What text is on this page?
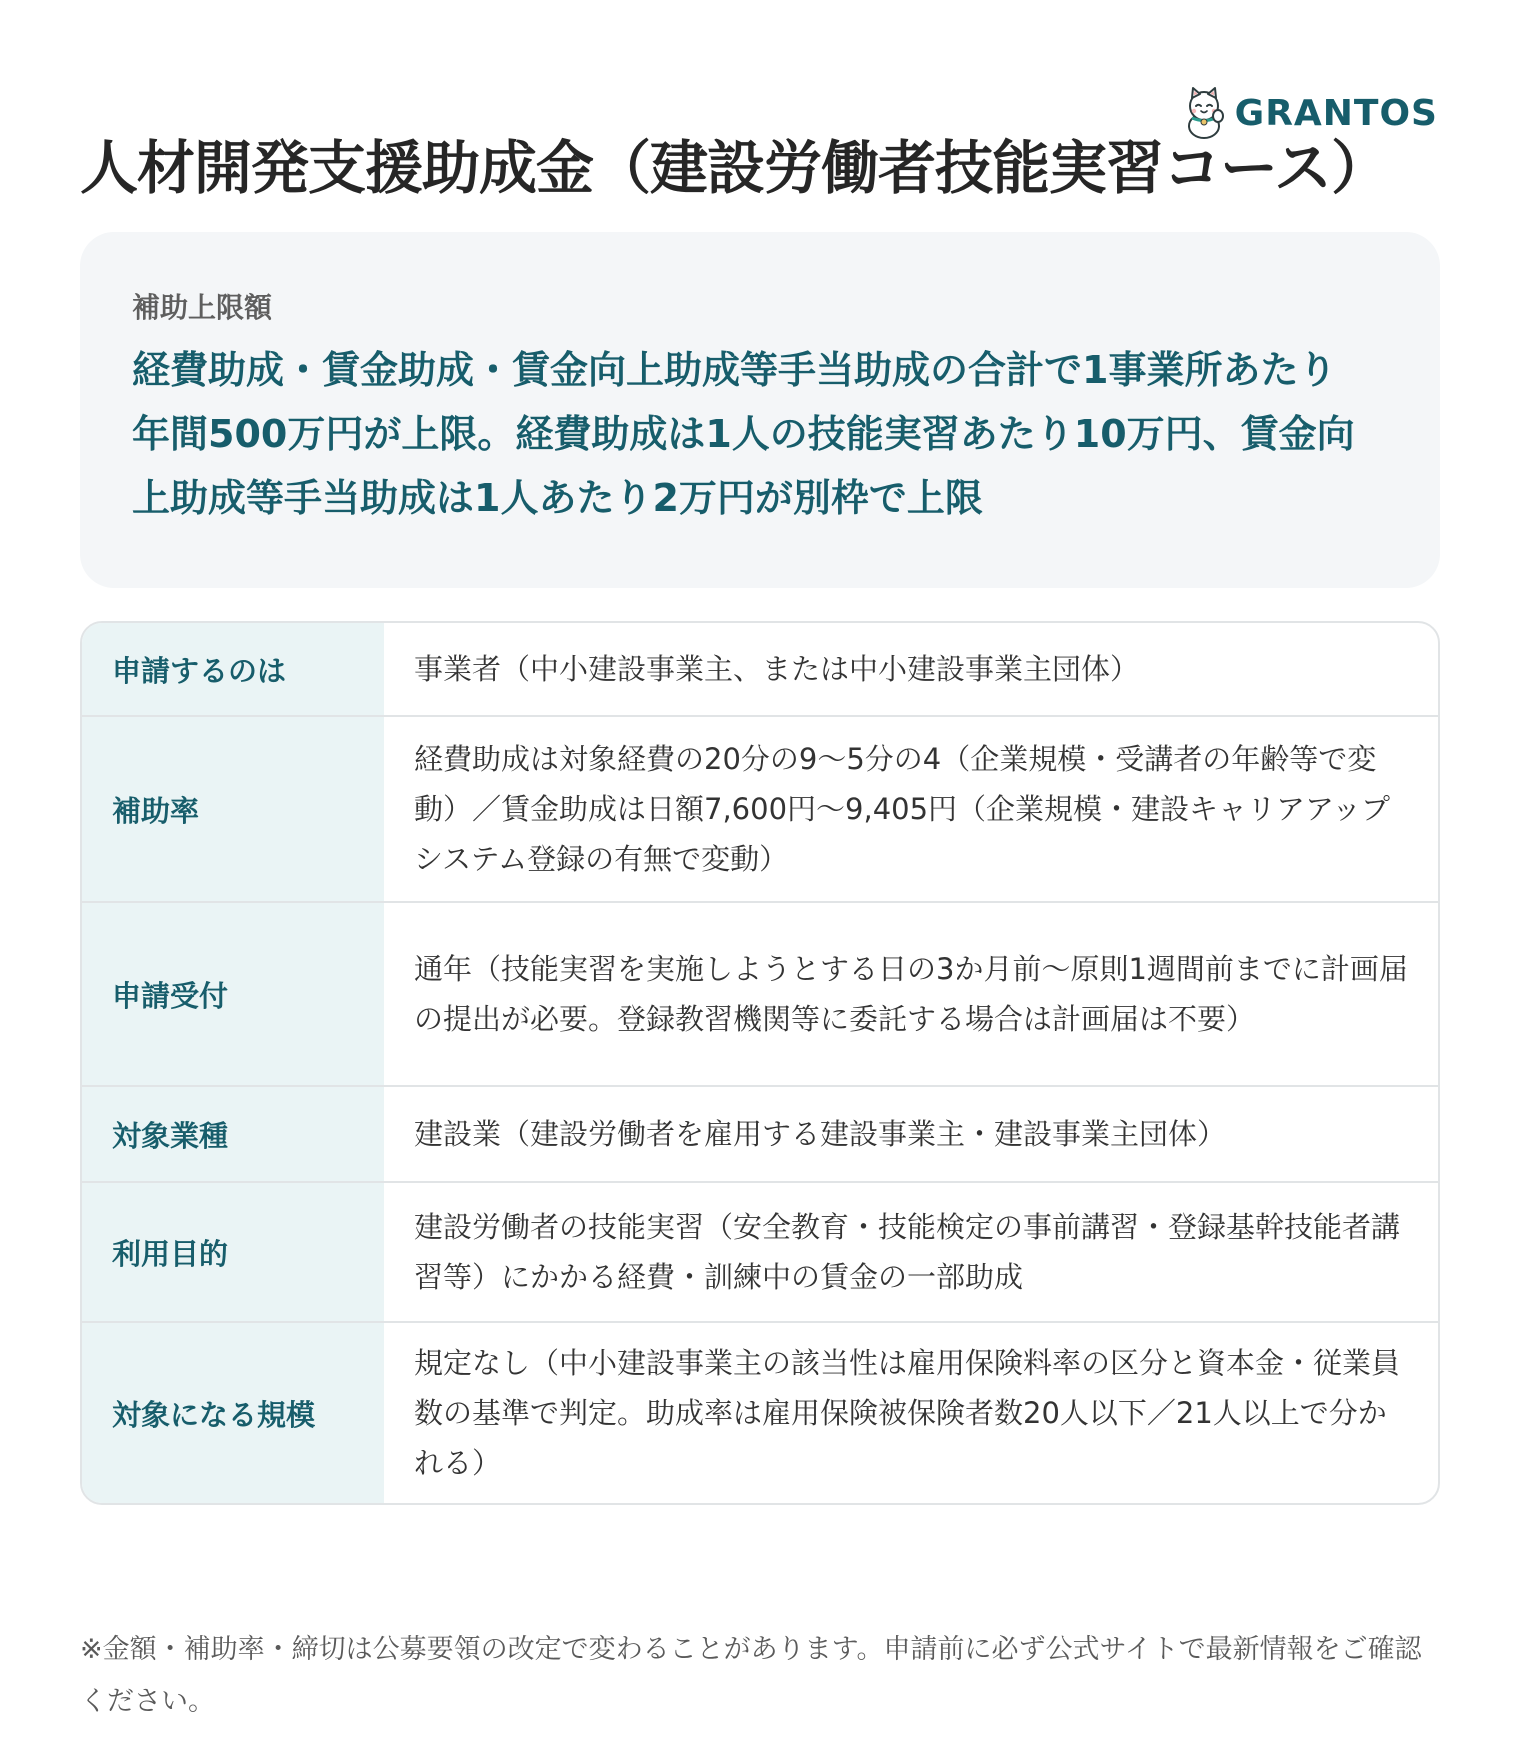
GRANTOS
人材開発支援助成金（建設労働者技能実習コース）

補助上限額

経費助成・賃金助成・賃金向上助成等手当助成の合計で1事業所あたり年間500万円が上限。経費助成は1人の技能実習あたり10万円、賃金向上助成等手当助成は1人あたり2万円が別枠で上限

申請するのは	事業者（中小建設事業主、または中小建設事業主団体）
補助率
経費助成は対象経費の20分の9〜5分の4（企業規模・受講者の年齢等で変動）／賃金助成は日額7,600円〜9,405円（企業規模・建設キャリアアップシステム登録の有無で変動）
申請受付
通年（技能実習を実施しようとする日の3か月前〜原則1週間前までに計画届の提出が必要。登録教習機関等に委託する場合は計画届は不要）
対象業種	建設業（建設労働者を雇用する建設事業主・建設事業主団体）
利用目的
建設労働者の技能実習（安全教育・技能検定の事前講習・登録基幹技能者講習等）にかかる経費・訓練中の賃金の一部助成
対象になる規模
規定なし（中小建設事業主の該当性は雇用保険料率の区分と資本金・従業員数の基準で判定。助成率は雇用保険被保険者数20人以下／21人以上で分かれる）

※金額・補助率・締切は公募要領の改定で変わることがあります。申請前に必ず公式サイトで最新情報をご確認ください。
